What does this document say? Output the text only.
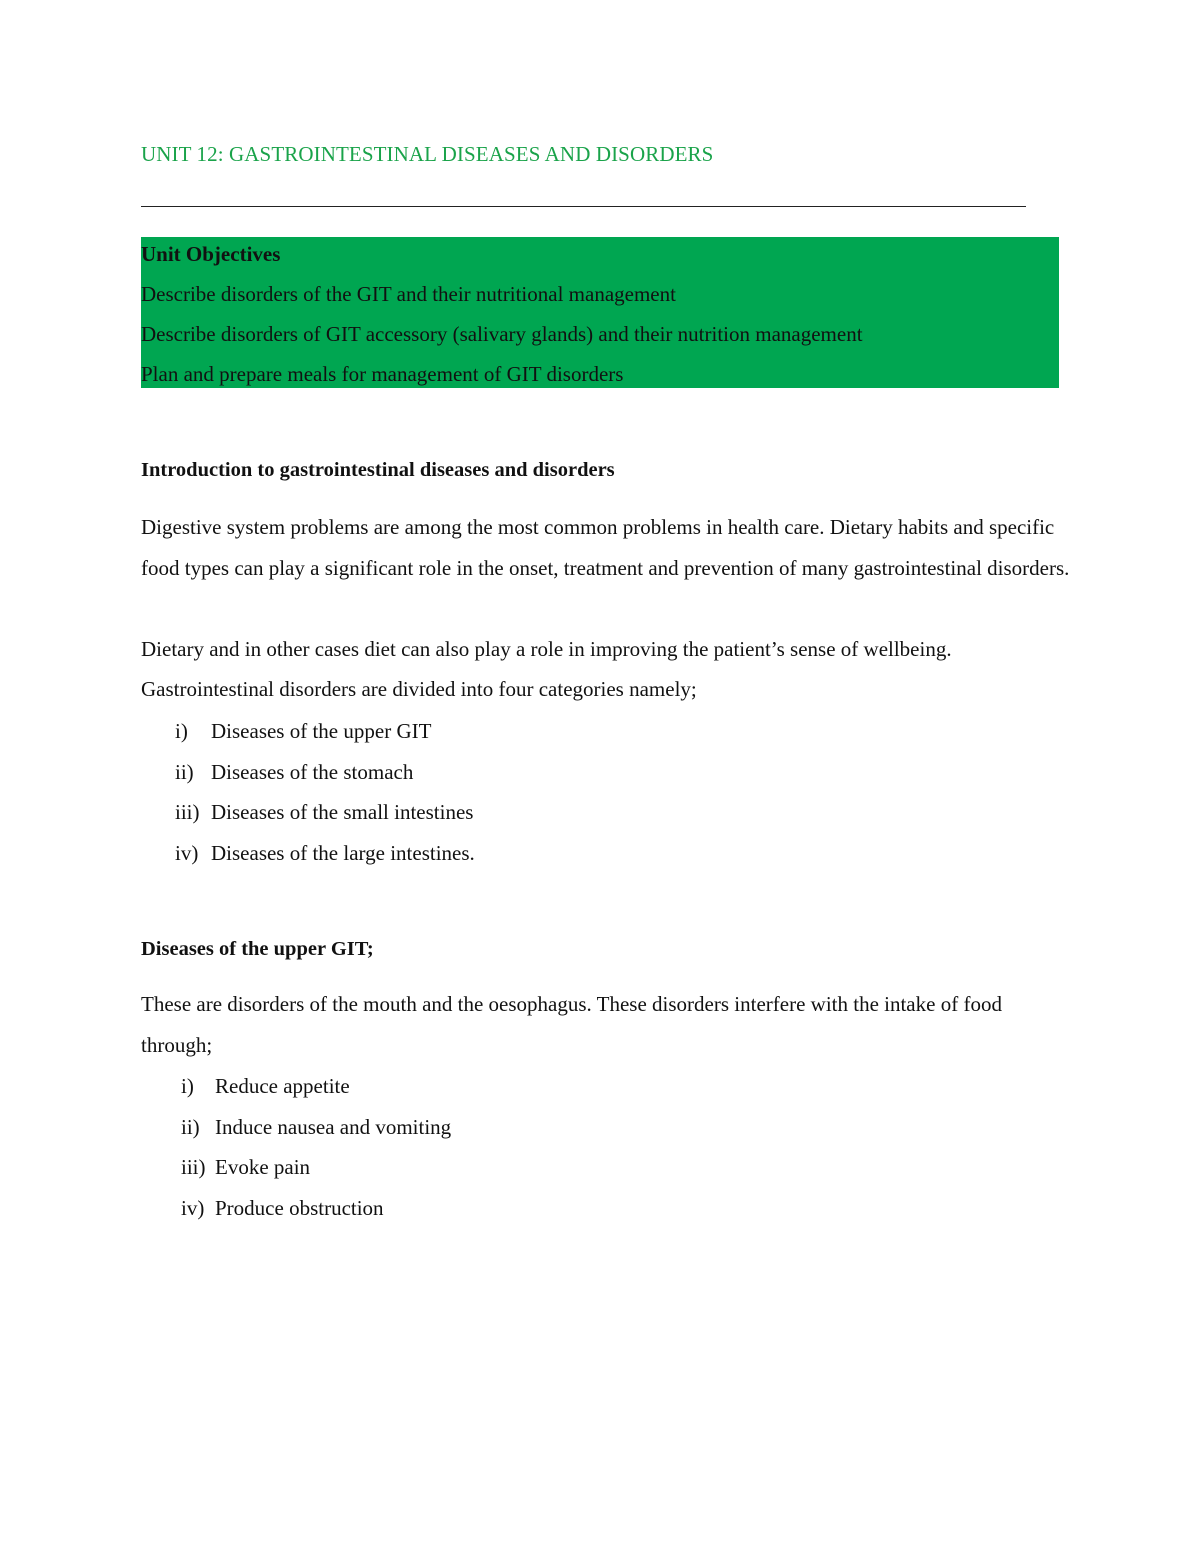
UNIT 12: GASTROINTESTINAL DISEASES AND DISORDERS
Unit Objectives
Describe disorders of the GIT and their nutritional management
Describe disorders of GIT accessory (salivary glands) and their nutrition management
Plan and prepare meals for management of GIT disorders
Introduction to gastrointestinal diseases and disorders

Digestive system problems are among the most common problems in health care. Dietary habits and specific food types can play a significant role in the onset, treatment and prevention of many gastrointestinal disorders.

Dietary and in other cases diet can also play a role in improving the patient’s sense of wellbeing.

Gastrointestinal disorders are divided into four categories namely;

i) Diseases of the upper GIT
ii) Diseases of the stomach
iii) Diseases of the small intestines
iv) Diseases of the large intestines.
Diseases of the upper GIT;

These are disorders of the mouth and the oesophagus. These disorders interfere with the intake of food through;

i) Reduce appetite
ii) Induce nausea and vomiting
iii) Evoke pain
iv) Produce obstruction
